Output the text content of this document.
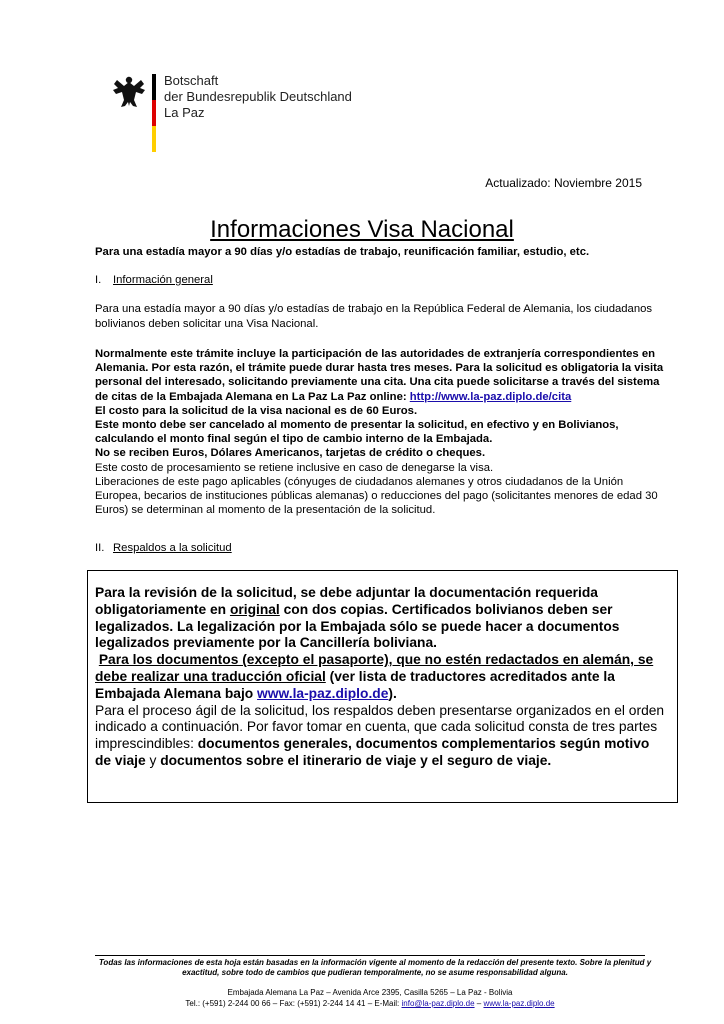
Botschaft
der Bundesrepublik Deutschland
La Paz
Actualizado: Noviembre 2015
Informaciones Visa Nacional
Para una estadía mayor a 90 días y/o estadías de trabajo, reunificación familiar, estudio, etc.
I. Información general
Para una estadía mayor a 90 días y/o estadías de trabajo en la República Federal de Alemania, los ciudadanos bolivianos deben solicitar una Visa Nacional.
Normalmente este trámite incluye la participación de las autoridades de extranjería correspondientes en Alemania. Por esta razón, el trámite puede durar hasta tres meses. Para la solicitud es obligatoria la visita personal del interesado, solicitando previamente una cita. Una cita puede solicitarse a través del sistema de citas de la Embajada Alemana en La Paz La Paz online: http://www.la-paz.diplo.de/cita
El costo para la solicitud de la visa nacional es de 60 Euros.
Este monto debe ser cancelado al momento de presentar la solicitud, en efectivo y en Bolivianos, calculando el monto final según el tipo de cambio interno de la Embajada.
No se reciben Euros, Dólares Americanos, tarjetas de crédito o cheques.
Este costo de procesamiento se retiene inclusive en caso de denegarse la visa.
Liberaciones de este pago aplicables (cónyuges de ciudadanos alemanes y otros ciudadanos de la Unión Europea, becarios de instituciones públicas alemanas) o reducciones del pago (solicitantes menores de edad 30 Euros) se determinan al momento de la presentación de la solicitud.
II. Respaldos a la solicitud
Para la revisión de la solicitud, se debe adjuntar la documentación requerida obligatoriamente en original con dos copias. Certificados bolivianos deben ser legalizados. La legalización por la Embajada sólo se puede hacer a documentos legalizados previamente por la Cancillería boliviana.
Para los documentos (excepto el pasaporte), que no estén redactados en alemán, se debe realizar una traducción oficial (ver lista de traductores acreditados ante la Embajada Alemana bajo www.la-paz.diplo.de).
Para el proceso ágil de la solicitud, los respaldos deben presentarse organizados en el orden indicado a continuación. Por favor tomar en cuenta, que cada solicitud consta de tres partes imprescindibles: documentos generales, documentos complementarios según motivo de viaje y documentos sobre el itinerario de viaje y el seguro de viaje.
Todas las informaciones de esta hoja están basadas en la información vigente al momento de la redacción del presente texto. Sobre la plenitud y exactitud, sobre todo de cambios que pudieran temporalmente, no se asume responsabilidad alguna.
Embajada Alemana La Paz – Avenida Arce 2395, Casilla 5265 – La Paz - Bolivia
Tel.: (+591) 2-244 00 66 – Fax: (+591) 2-244 14 41 – E-Mail: info@la-paz.diplo.de – www.la-paz.diplo.de
